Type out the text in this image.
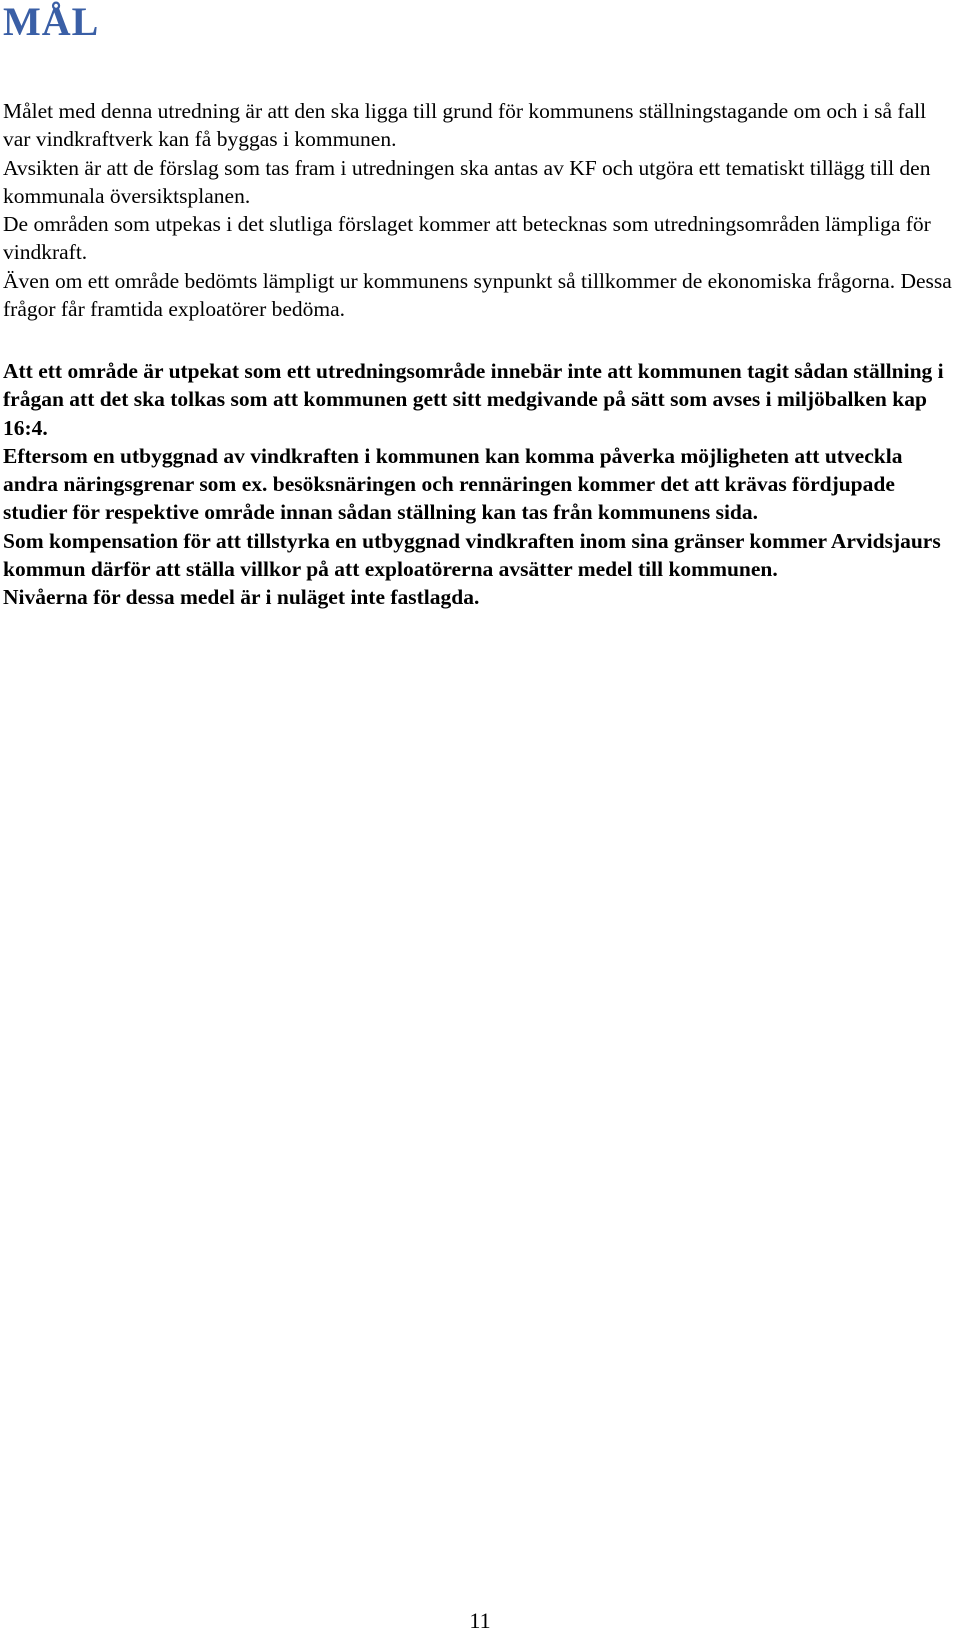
MÅL

Målet med denna utredning är att den ska ligga till grund för kommunens ställningstagande om och i så fall var vindkraftverk kan få byggas i kommunen.

Avsikten är att de förslag som tas fram i utredningen ska antas av KF och utgöra ett tematiskt tillägg till den kommunala översiktsplanen.

De områden som utpekas i det slutliga förslaget kommer att betecknas som utredningsområden lämpliga för vindkraft.

Även om ett område bedömts lämpligt ur kommunens synpunkt så tillkommer de ekonomiska frågorna. Dessa frågor får framtida exploatörer bedöma.

Att ett område är utpekat som ett utredningsområde innebär inte att kommunen tagit sådan ställning i frågan att det ska tolkas som att kommunen gett sitt medgivande på sätt som avses i miljöbalken kap 16:4.

Eftersom en utbyggnad av vindkraften i kommunen kan komma påverka möjligheten att utveckla andra näringsgrenar som ex. besöksnäringen och rennäringen kommer det att krävas fördjupade studier för respektive område innan sådan ställning kan tas från kommunens sida.

Som kompensation för att tillstyrka en utbyggnad vindkraften inom sina gränser kommer Arvidsjaurs kommun därför att ställa villkor på att exploatörerna avsätter medel till kommunen.

Nivåerna för dessa medel är i nuläget inte fastlagda.

11
